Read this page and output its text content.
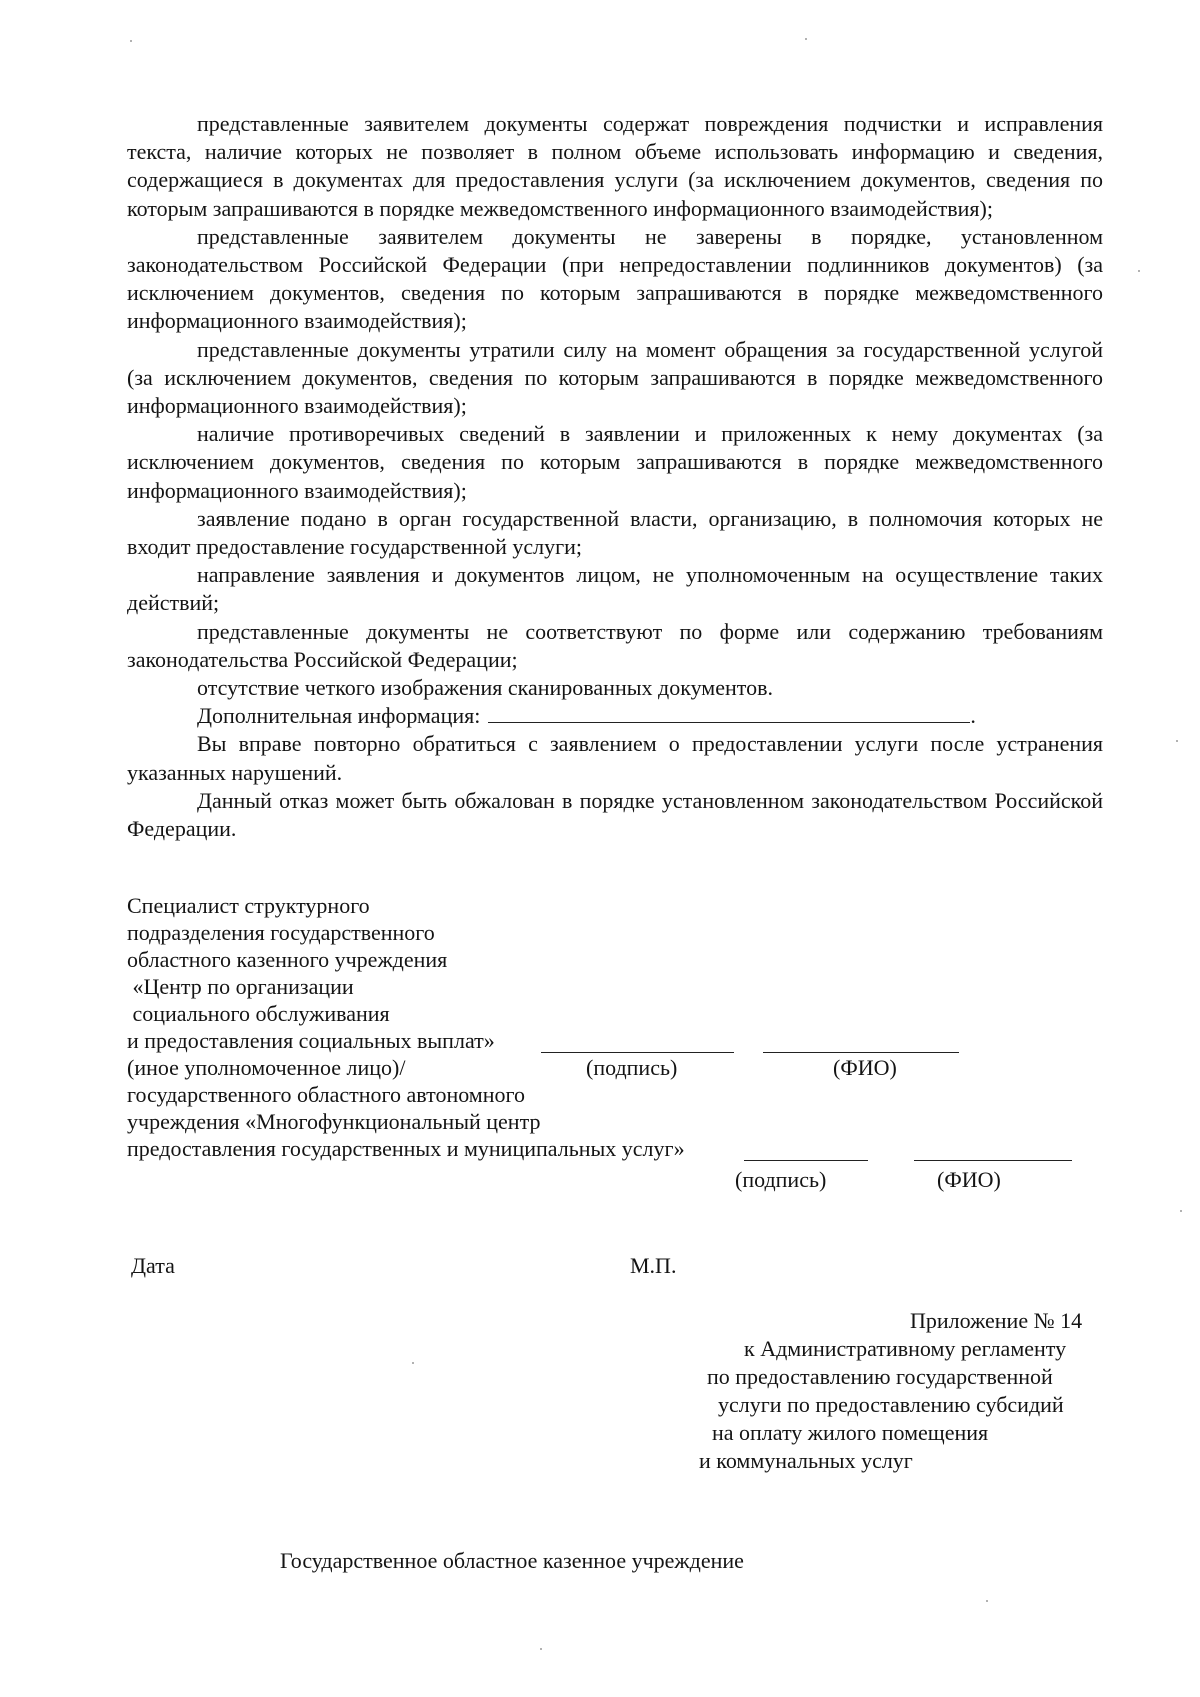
представленные заявителем документы содержат повреждения подчистки и исправления текста, наличие которых не позволяет в полном объеме использовать информацию и сведения, содержащиеся в документах для предоставления услуги (за исключением документов, сведения по которым запрашиваются в порядке межведомственного информационного взаимодействия);

представленные заявителем документы не заверены в порядке, установленном законодательством Российской Федерации (при непредоставлении подлинников документов) (за исключением документов, сведения по которым запрашиваются в порядке межведомственного информационного взаимодействия);

представленные документы утратили силу на момент обращения за государственной услугой (за исключением документов, сведения по которым запрашиваются в порядке межведомственного информационного взаимодействия);

наличие противоречивых сведений в заявлении и приложенных к нему документах (за исключением документов, сведения по которым запрашиваются в порядке межведомственного информационного взаимодействия);

заявление подано в орган государственной власти, организацию, в полномочия которых не входит предоставление государственной услуги;

направление заявления и документов лицом, не уполномоченным на осуществление таких действий;

представленные документы не соответствуют по форме или содержанию требованиям законодательства Российской Федерации;

отсутствие четкого изображения сканированных документов.

Дополнительная информация:	.

Вы вправе повторно обратиться с заявлением о предоставлении услуги после устранения указанных нарушений.

Данный отказ может быть обжалован в порядке установленном законодательством Российской Федерации.

Специалист структурного
подразделения государственного
областного казенного учреждения
«Центр по организации
социального обслуживания
и предоставления социальных выплат»
(иное уполномоченное лицо)/	(подпись)	(ФИО)
государственного областного автономного
учреждения «Многофункциональный центр
предоставления государственных и муниципальных услуг»
(подпись)	(ФИО)
Дата	М.П.
Приложение № 14
к Административному регламенту
по предоставлению государственной
услуги по предоставлению субсидий
на оплату жилого помещения
и коммунальных услуг
Государственное областное казенное учреждение
